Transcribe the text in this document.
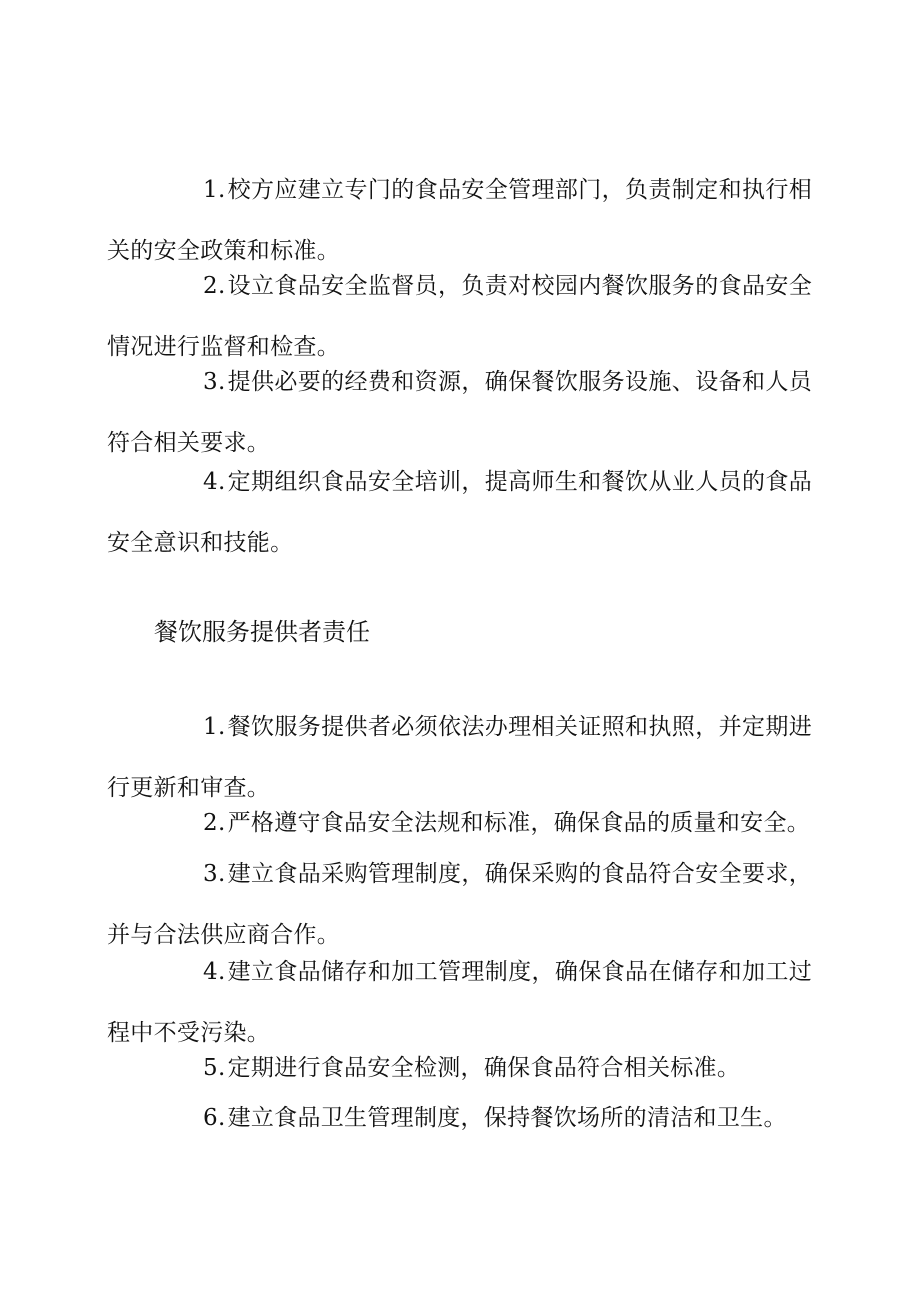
1.校方应建立专门的食品安全管理部门，负责制定和执行相关的安全政策和标准。

2.设立食品安全监督员，负责对校园内餐饮服务的食品安全情况进行监督和检查。

3.提供必要的经费和资源，确保餐饮服务设施、设备和人员符合相关要求。

4.定期组织食品安全培训，提高师生和餐饮从业人员的食品安全意识和技能。

餐饮服务提供者责任

1.餐饮服务提供者必须依法办理相关证照和执照，并定期进行更新和审查。

2.严格遵守食品安全法规和标准，确保食品的质量和安全。

3.建立食品采购管理制度，确保采购的食品符合安全要求，并与合法供应商合作。

4.建立食品储存和加工管理制度，确保食品在储存和加工过程中不受污染。

5.定期进行食品安全检测，确保食品符合相关标准。

6.建立食品卫生管理制度，保持餐饮场所的清洁和卫生。
